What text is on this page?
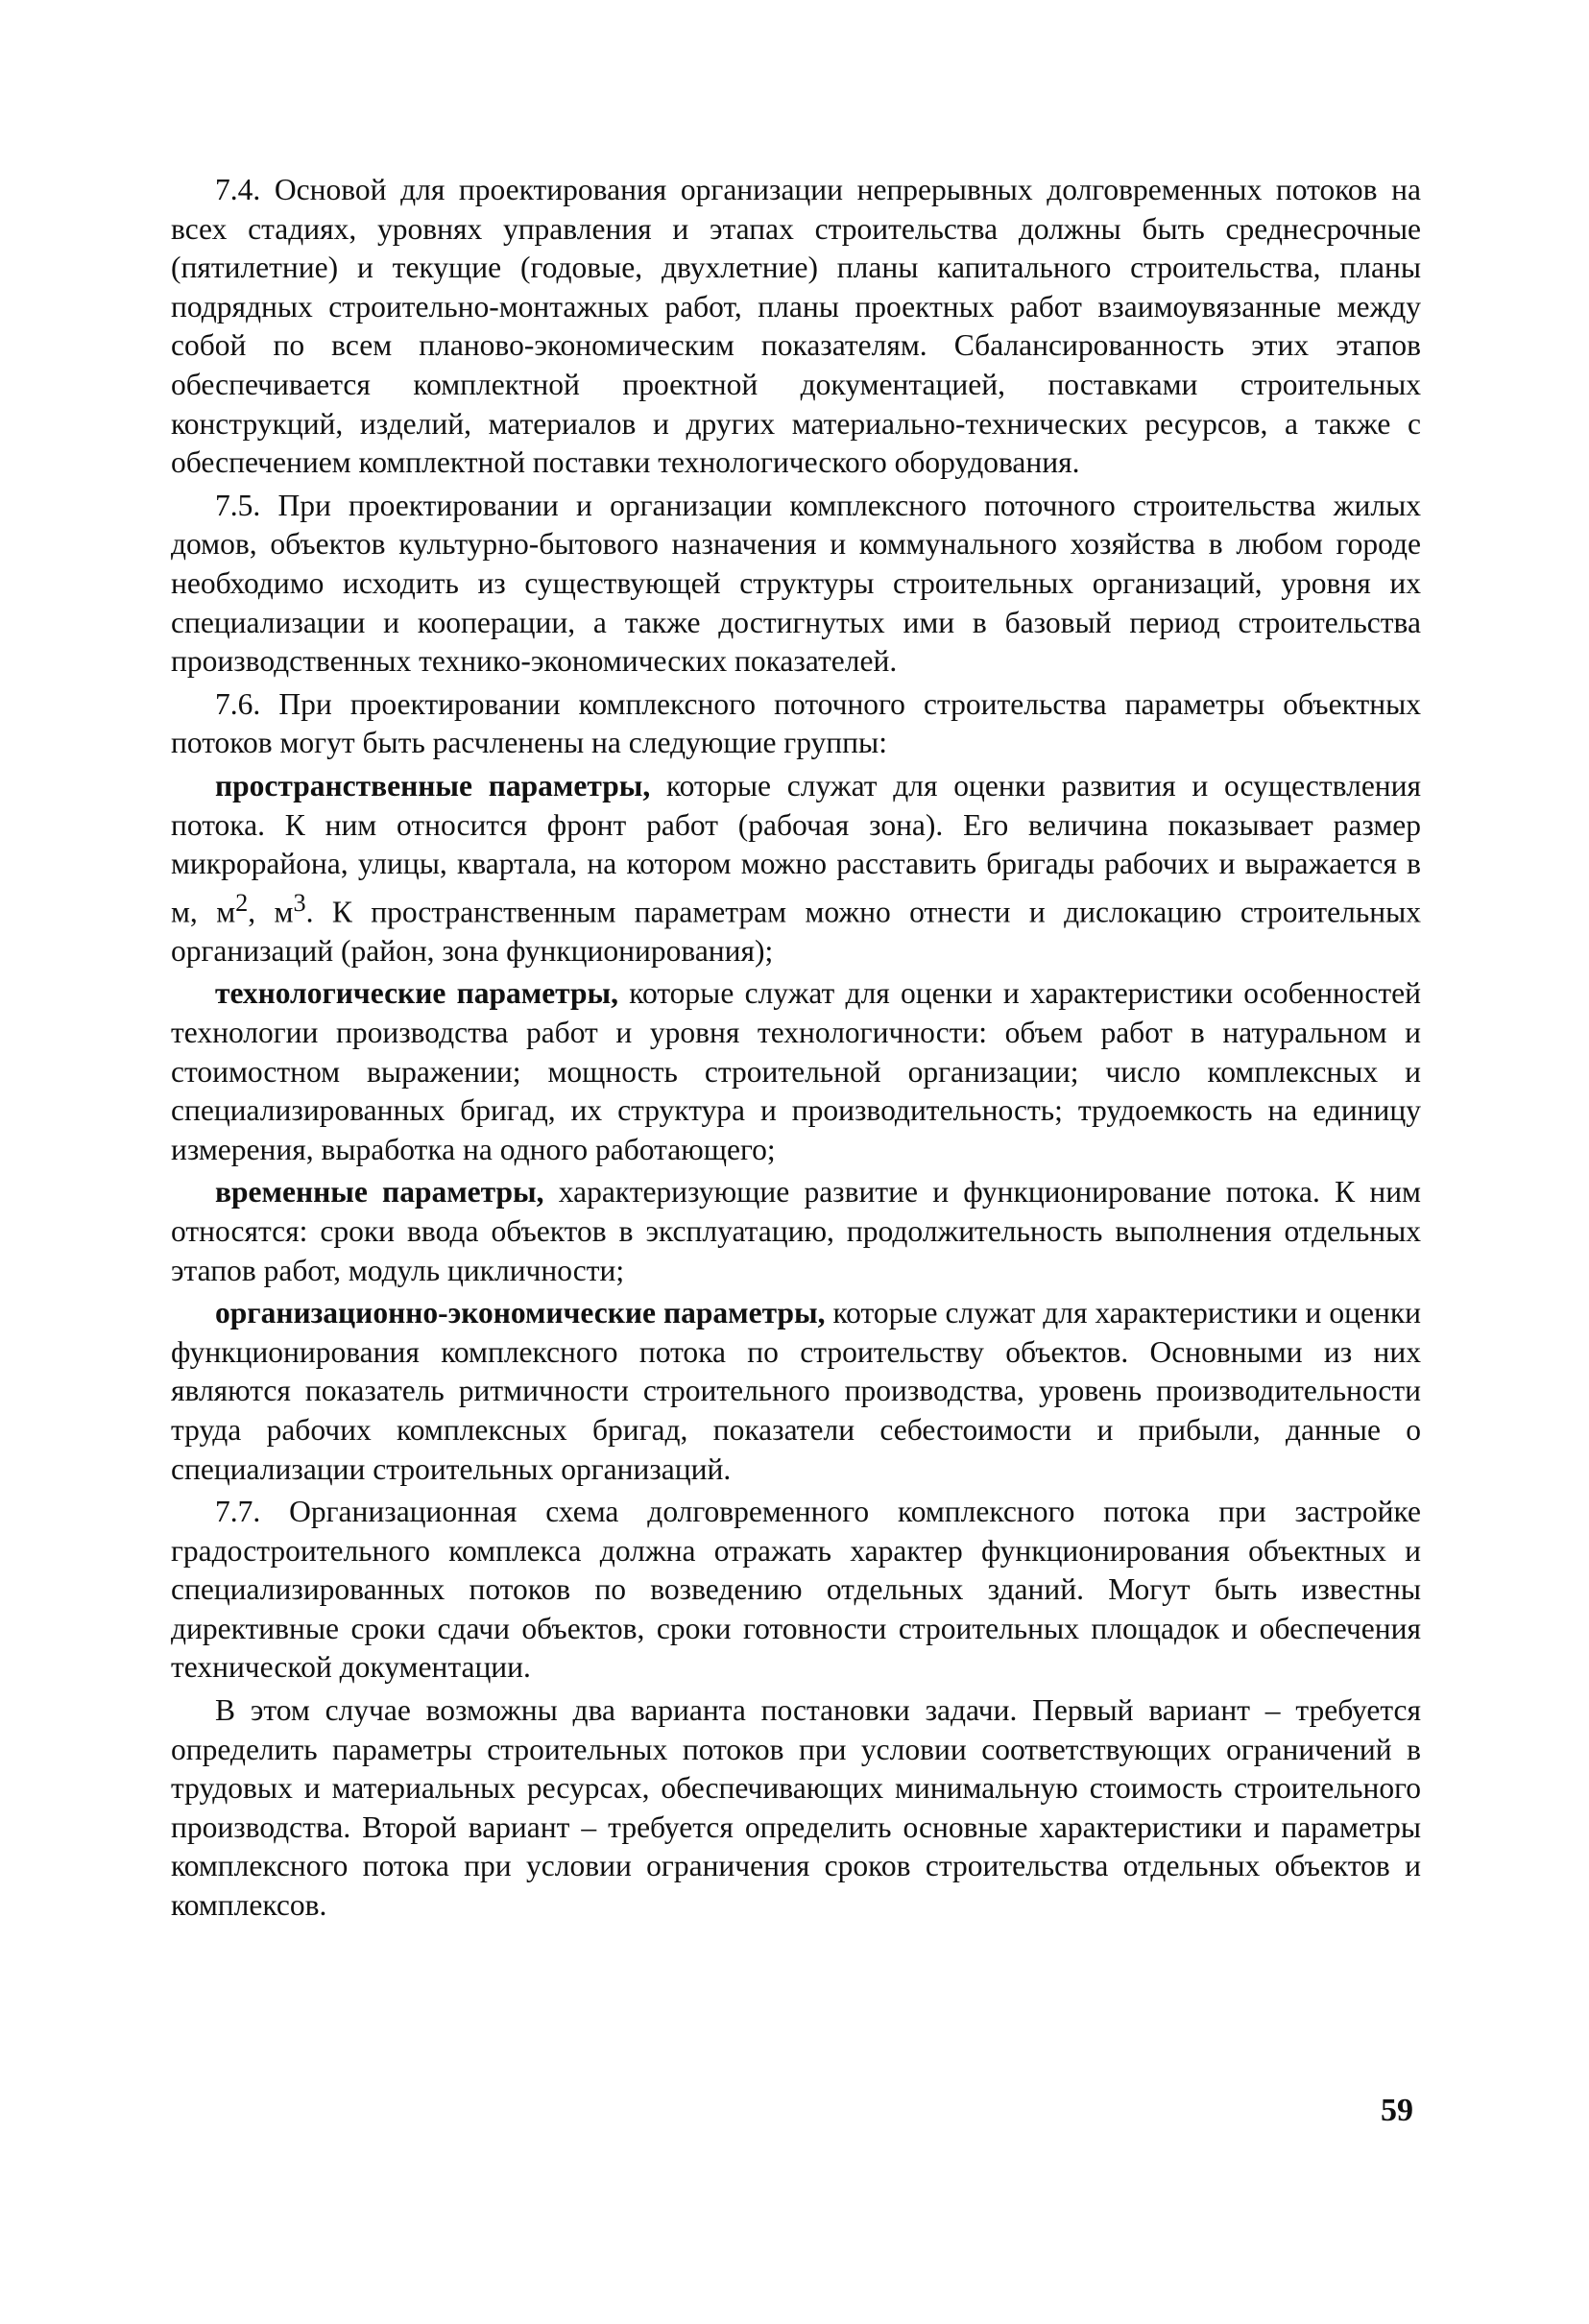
7.4. Основой для проектирования организации непрерывных долговременных потоков на всех стадиях, уровнях управления и этапах строительства должны быть среднесрочные (пятилетние) и текущие (годовые, двухлетние) планы капитального строительства, планы подрядных строительно-монтажных работ, планы проектных работ взаимоувязанные между собой по всем планово-экономическим показателям. Сбалансированность этих этапов обеспечивается комплектной проектной документацией, поставками строительных конструкций, изделий, материалов и других материально-технических ресурсов, а также с обеспечением комплектной поставки технологического оборудования.

7.5. При проектировании и организации комплексного поточного строительства жилых домов, объектов культурно-бытового назначения и коммунального хозяйства в любом городе необходимо исходить из существующей структуры строительных организаций, уровня их специализации и кооперации, а также достигнутых ими в базовый период строительства производственных технико-экономических показателей.

7.6. При проектировании комплексного поточного строительства параметры объектных потоков могут быть расчленены на следующие группы:

пространственные параметры, которые служат для оценки развития и осуществления потока. К ним относится фронт работ (рабочая зона). Его величина показывает размер микрорайона, улицы, квартала, на котором можно расставить бригады рабочих и выражается в м, $м^2$, $м^3$. К пространственным параметрам можно отнести и дислокацию строительных организаций (район, зона функционирования);

технологические параметры, которые служат для оценки и характеристики особенностей технологии производства работ и уровня технологичности: объем работ в натуральном и стоимостном выражении; мощность строительной организации; число комплексных и специализированных бригад, их структура и производительность; трудоемкость на единицу измерения, выработка на одного работающего;

временные параметры, характеризующие развитие и функционирование потока. К ним относятся: сроки ввода объектов в эксплуатацию, продолжительность выполнения отдельных этапов работ, модуль цикличности;

организационно-экономические параметры, которые служат для характеристики и оценки функционирования комплексного потока по строительству объектов. Основными из них являются показатель ритмичности строительного производства, уровень производительности труда рабочих комплексных бригад, показатели себестоимости и прибыли, данные о специализации строительных организаций.

7.7. Организационная схема долговременного комплексного потока при застройке градостроительного комплекса должна отражать характер функционирования объектных и специализированных потоков по возведению отдельных зданий. Могут быть известны директивные сроки сдачи объектов, сроки готовности строительных площадок и обеспечения технической документации.

В этом случае возможны два варианта постановки задачи. Первый вариант – требуется определить параметры строительных потоков при условии соответствующих ограничений в трудовых и материальных ресурсах, обеспечивающих минимальную стоимость строительного производства. Второй вариант – требуется определить основные характеристики и параметры комплексного потока при условии ограничения сроков строительства отдельных объектов и комплексов.

59
